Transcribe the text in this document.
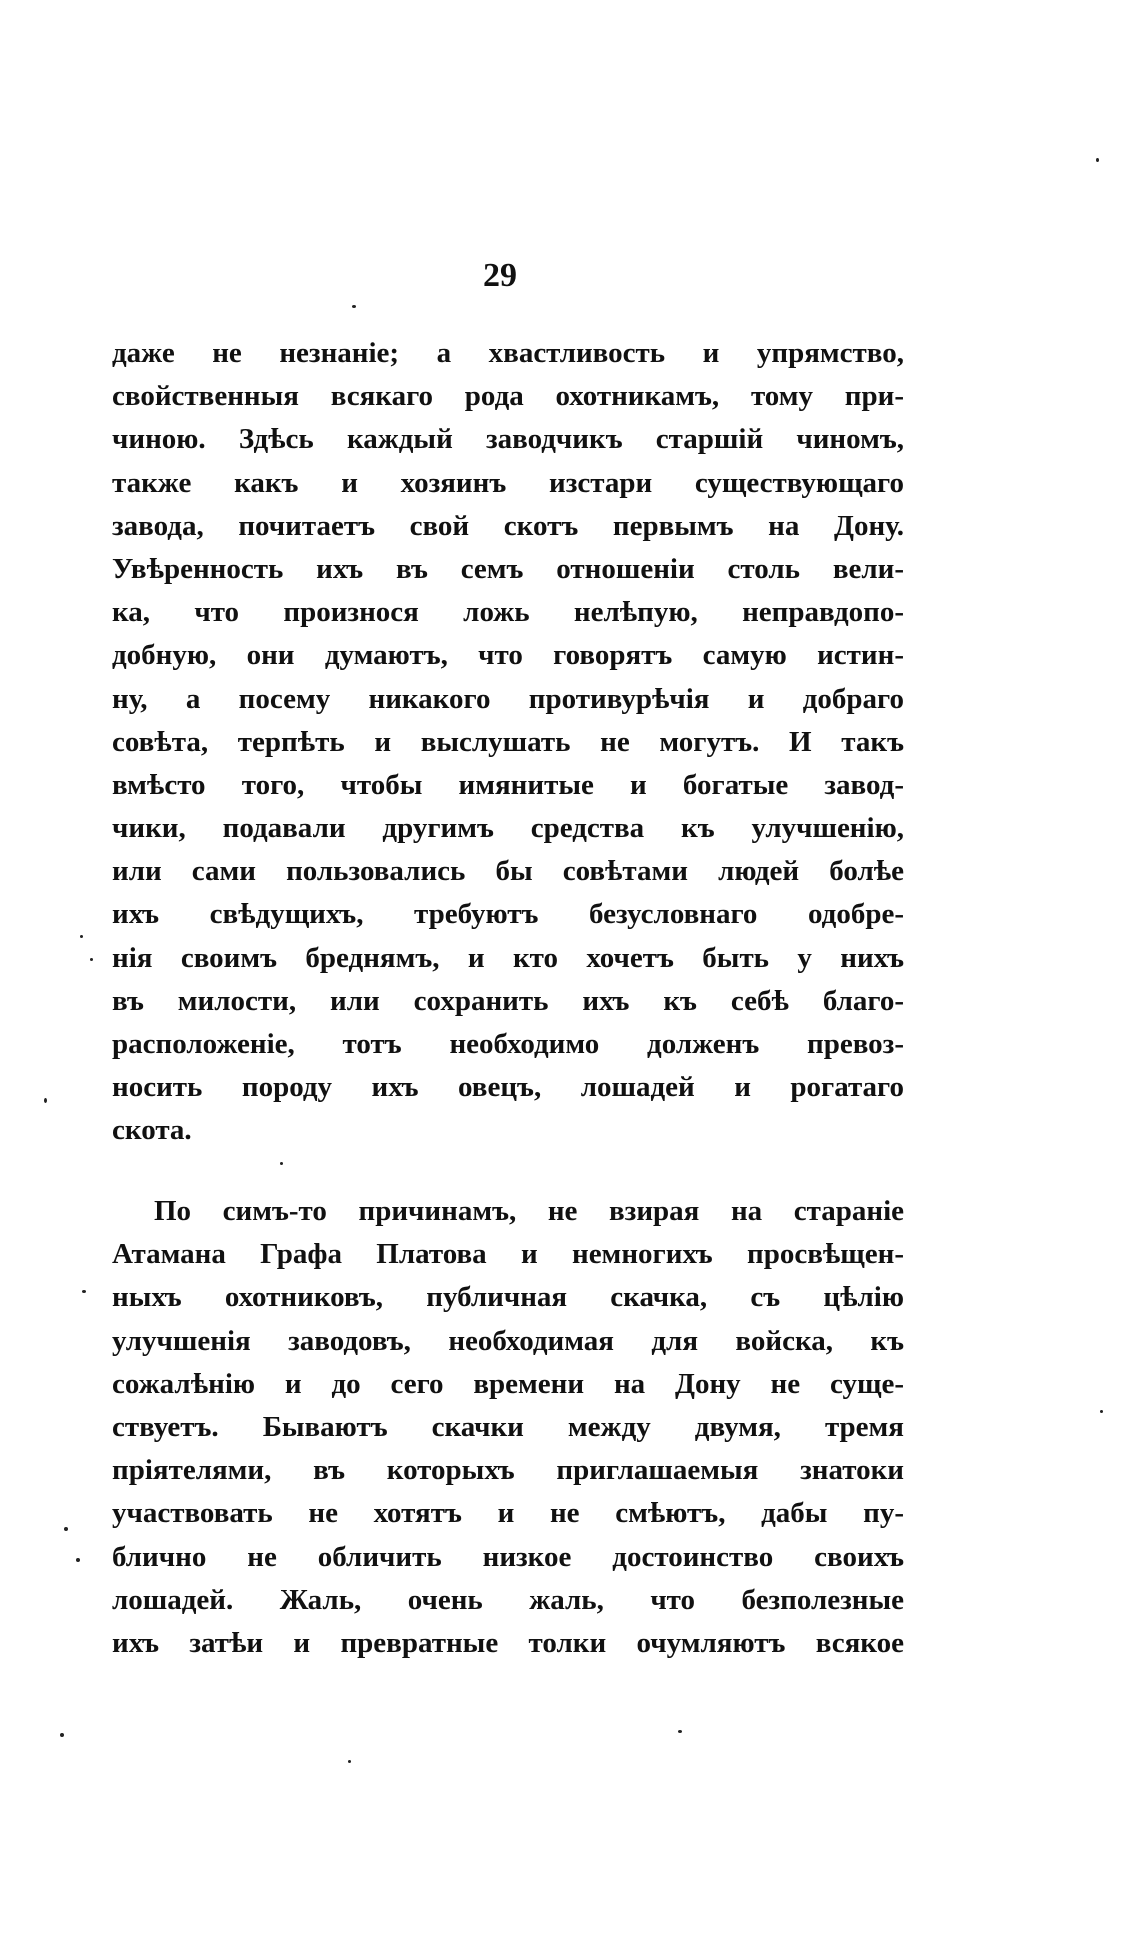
29
даже не незнаніе; а хвастливость и упрямство,
свойственныя всякаго рода охотникамъ, тому при-
чиною. Здѣсь каждый заводчикъ старшій чиномъ,
также какъ и хозяинъ изстари существующаго
завода, почитаетъ свой скотъ первымъ на Дону.
Увѣренность ихъ въ семъ отношеніи столь вели-
ка, что произнося ложь нелѣпую, неправдопо-
добную, они думаютъ, что говорятъ самую истин-
ну, а посему никакого противурѣчія и добраго
совѣта, терпѣть и выслушать не могутъ. И такъ
вмѣсто того, чтобы имянитые и богатые завод-
чики, подавали другимъ средства къ улучшенію,
или сами пользовались бы совѣтами людей болѣе
ихъ свѣдущихъ, требуютъ безусловнаго одобре-
нія своимъ бреднямъ, и кто хочетъ быть у нихъ
въ милости, или сохранить ихъ къ себѣ благо-
расположеніе, тотъ необходимо долженъ превоз-
носить породу ихъ овецъ, лошадей и рогатаго
скота.
По симъ-то причинамъ, не взирая на стараніе
Атамана Графа Платова и немногихъ просвѣщен-
ныхъ охотниковъ, публичная скачка, съ цѣлію
улучшенія заводовъ, необходимая для войска, къ
сожалѣнію и до сего времени на Дону не суще-
ствуетъ. Бываютъ скачки между двумя, тремя
пріятелями, въ которыхъ приглашаемыя знатоки
участвовать не хотятъ и не смѣютъ, дабы пу-
блично не обличить низкое достоинство своихъ
лошадей. Жаль, очень жаль, что безполезные
ихъ затѣи и превратные толки очумляютъ всякое
